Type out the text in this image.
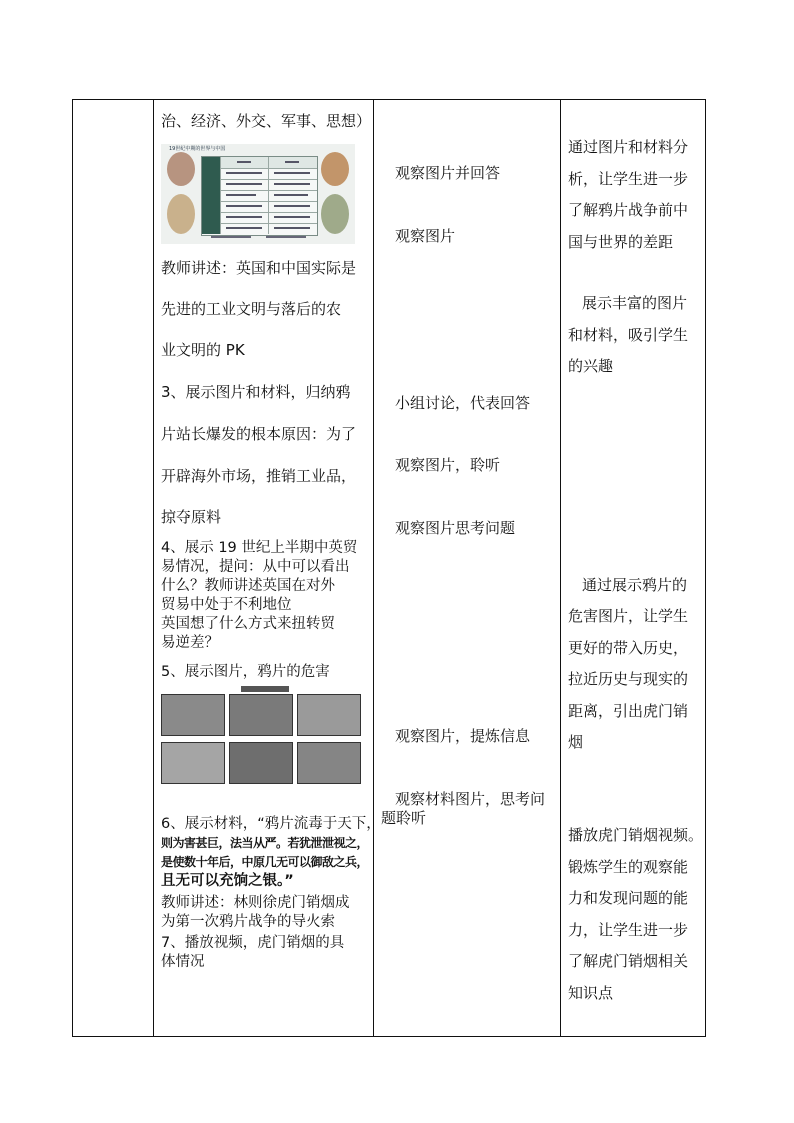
治、经济、外交、军事、思想）
19世纪中期的世界与中国
教师讲述：英国和中国实际是
先进的工业文明与落后的农
业文明的 PK
3、展示图片和材料，归纳鸦
片站长爆发的根本原因：为了
开辟海外市场，推销工业品，
掠夺原料
4、展示 19 世纪上半期中英贸
易情况，提问：从中可以看出
什么？教师讲述英国在对外
贸易中处于不利地位
英国想了什么方式来扭转贸
易逆差？
5、展示图片，鸦片的危害
6、展示材料，“鸦片流毒于天下，
则为害甚巨，法当从严。若犹泄泄视之，
是使数十年后，中原几无可以御敌之兵，
且无可以充饷之银。”
教师讲述：林则徐虎门销烟成
为第一次鸦片战争的导火索
7、播放视频，虎门销烟的具
体情况
观察图片并回答
观察图片
小组讨论，代表回答
观察图片，聆听
观察图片思考问题
观察图片，提炼信息
观察材料图片，思考问
题聆听
通过图片和材料分
析，让学生进一步
了解鸦片战争前中
国与世界的差距
展示丰富的图片
和材料，吸引学生
的兴趣
通过展示鸦片的
危害图片，让学生
更好的带入历史，
拉近历史与现实的
距离，引出虎门销
烟
播放虎门销烟视频。
锻炼学生的观察能
力和发现问题的能
力，让学生进一步
了解虎门销烟相关
知识点
